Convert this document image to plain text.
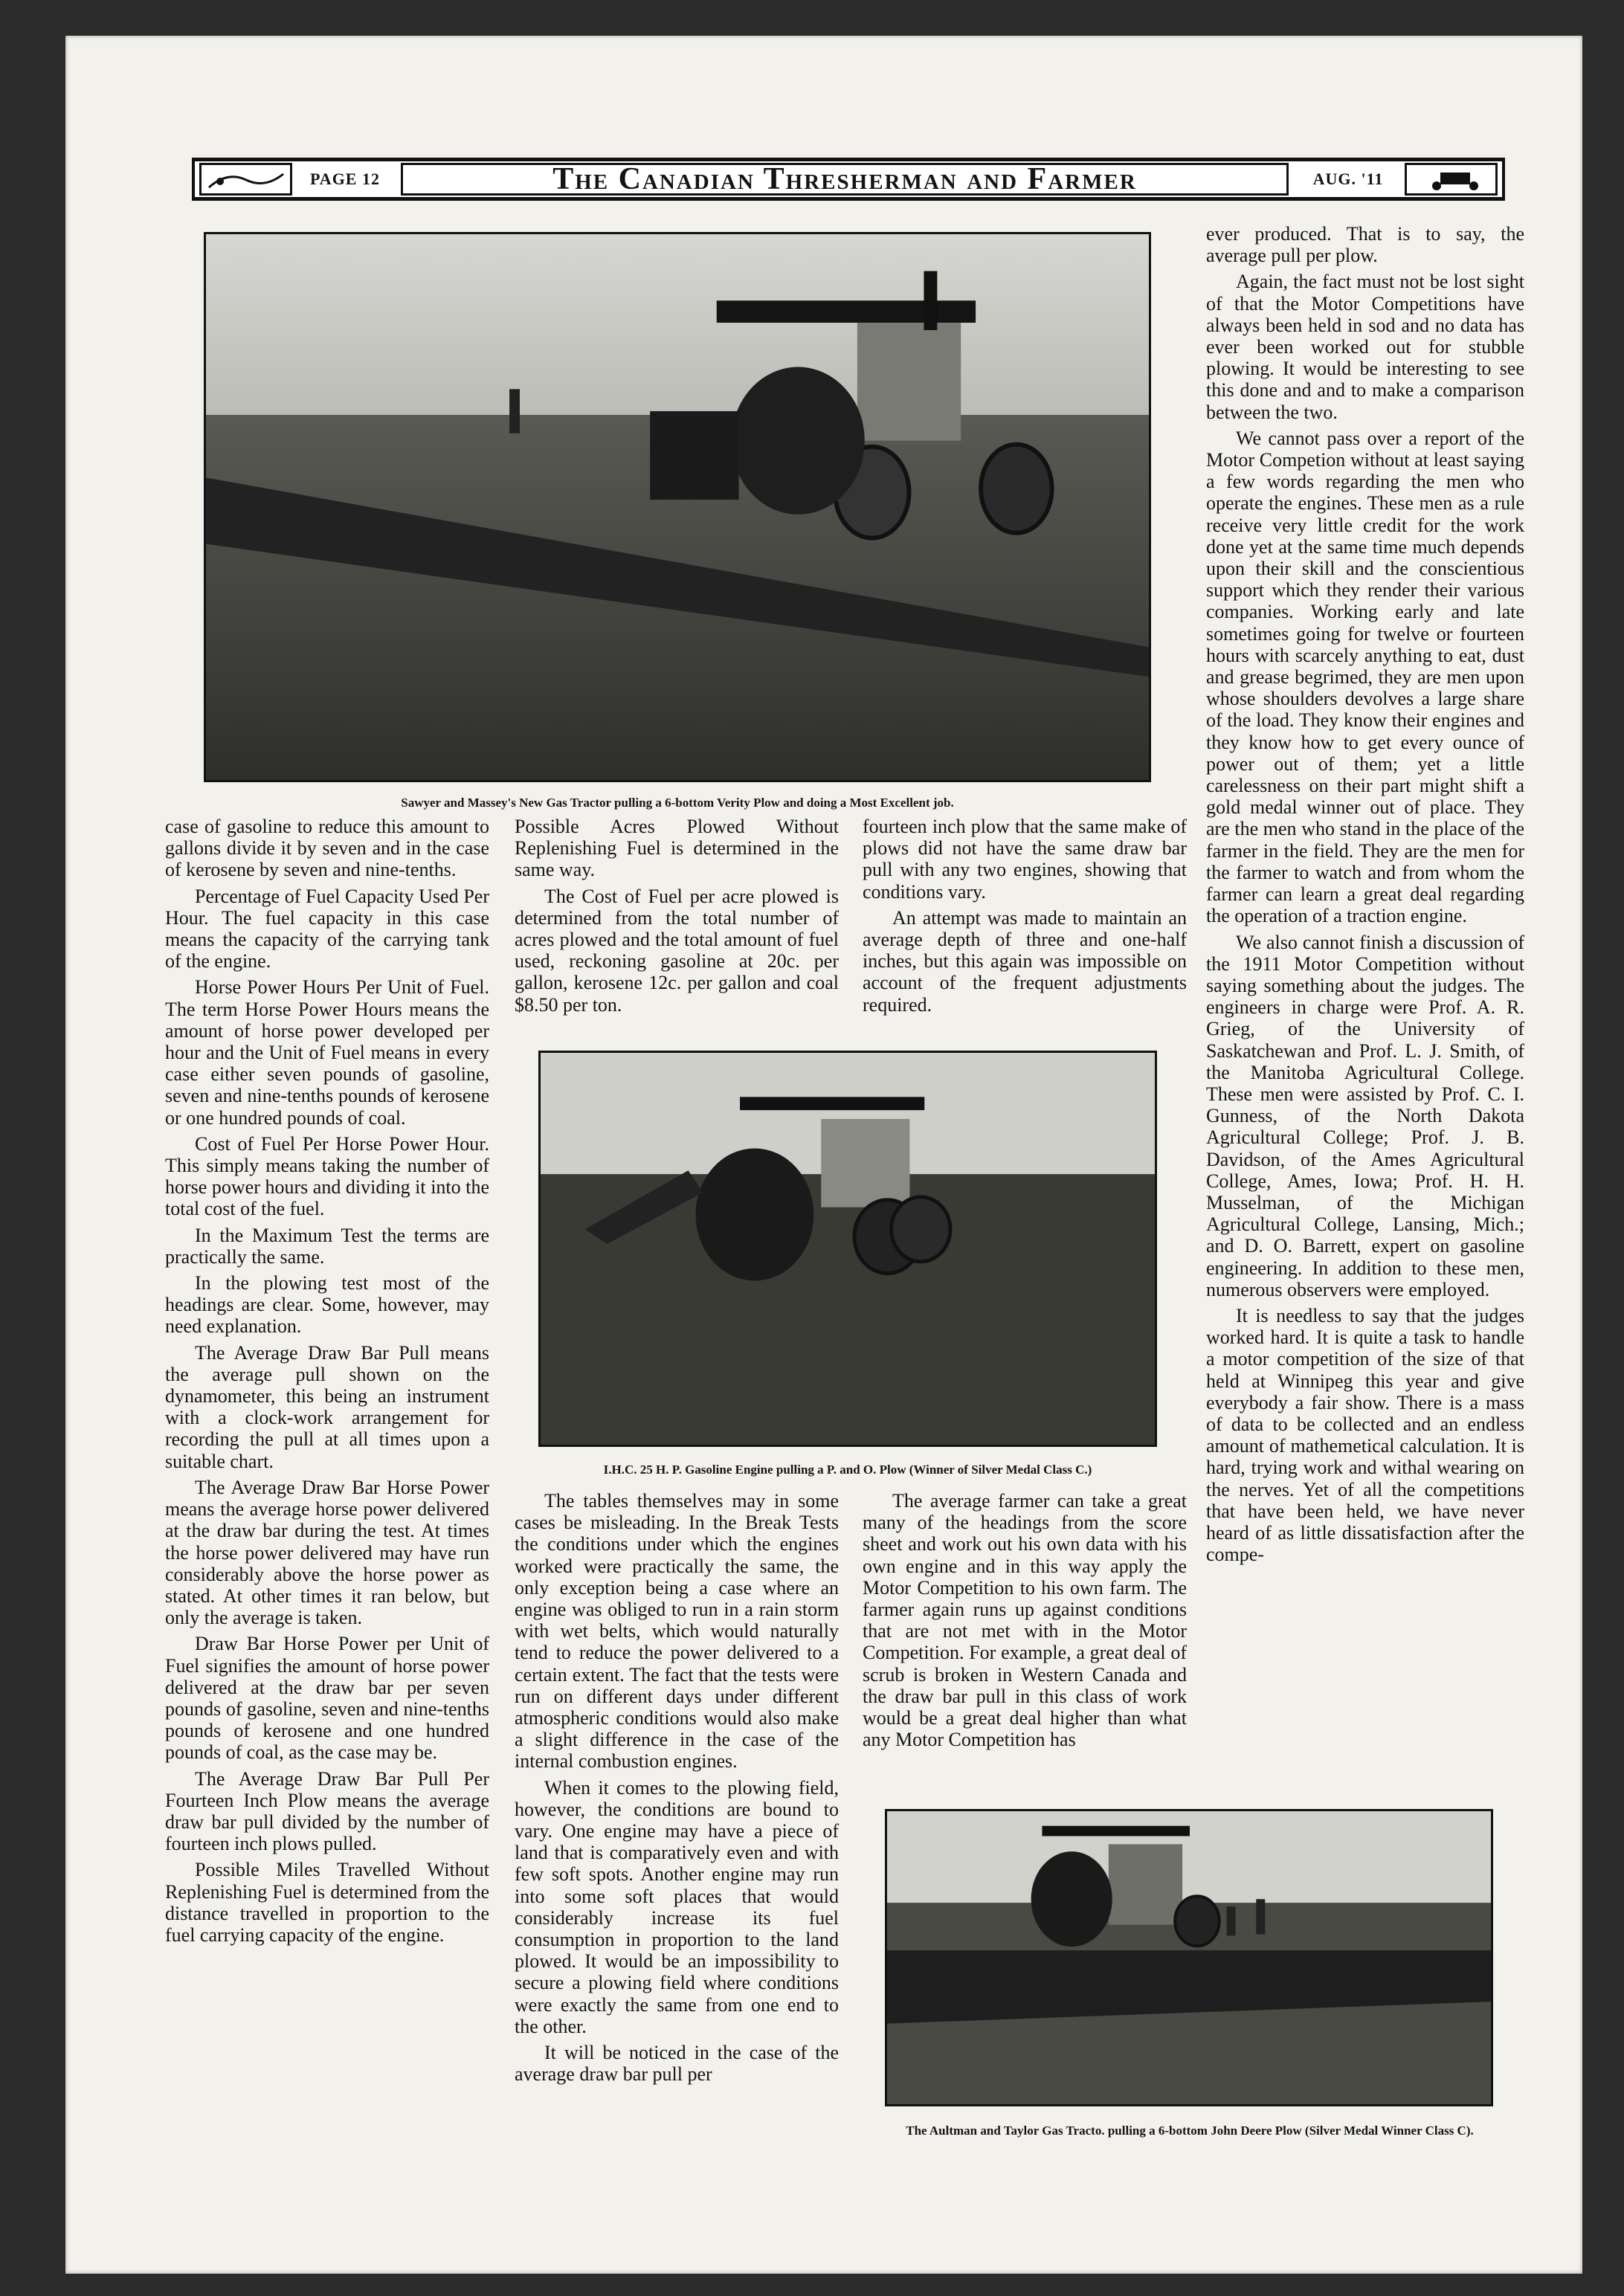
PAGE 12	The Canadian Thresherman and Farmer	AUG. '11
Sawyer and Massey's New Gas Tractor pulling a 6-bottom Verity Plow and doing a Most Excellent job.

case of gasoline to reduce this amount to gallons divide it by seven and in the case of kerosene by seven and nine-tenths.

Percentage of Fuel Capacity Used Per Hour. The fuel capacity in this case means the capacity of the carrying tank of the engine.

Horse Power Hours Per Unit of Fuel. The term Horse Power Hours means the amount of horse power developed per hour and the Unit of Fuel means in every case either seven pounds of gasoline, seven and nine-tenths pounds of kerosene or one hundred pounds of coal.

Cost of Fuel Per Horse Power Hour. This simply means taking the number of horse power hours and dividing it into the total cost of the fuel.

In the Maximum Test the terms are practically the same.

In the plowing test most of the headings are clear. Some, however, may need explanation.

The Average Draw Bar Pull means the average pull shown on the dynamometer, this being an instrument with a clock-work arrangement for recording the pull at all times upon a suitable chart.

The Average Draw Bar Horse Power means the average horse power delivered at the draw bar during the test. At times the horse power delivered may have run considerably above the horse power as stated. At other times it ran below, but only the average is taken.

Draw Bar Horse Power per Unit of Fuel signifies the amount of horse power delivered at the draw bar per seven pounds of gasoline, seven and nine-tenths pounds of kerosene and one hundred pounds of coal, as the case may be.

The Average Draw Bar Pull Per Fourteen Inch Plow means the average draw bar pull divided by the number of fourteen inch plows pulled.

Possible Miles Travelled Without Replenishing Fuel is determined from the distance travelled in proportion to the fuel carrying capacity of the engine.

Possible Acres Plowed Without Replenishing Fuel is determined in the same way.

The Cost of Fuel per acre plowed is determined from the total number of acres plowed and the total amount of fuel used, reckoning gasoline at 20c. per gallon, kerosene 12c. per gallon and coal $8.50 per ton.

fourteen inch plow that the same make of plows did not have the same draw bar pull with any two engines, showing that conditions vary.

An attempt was made to maintain an average depth of three and one-half inches, but this again was impossible on account of the frequent adjustments required.

I.H.C. 25 H. P. Gasoline Engine pulling a P. and O. Plow (Winner of Silver Medal Class C.)

The tables themselves may in some cases be misleading. In the Break Tests the conditions under which the engines worked were practically the same, the only exception being a case where an engine was obliged to run in a rain storm with wet belts, which would naturally tend to reduce the power delivered to a certain extent. The fact that the tests were run on different days under different atmospheric conditions would also make a slight difference in the case of the internal combustion engines.

When it comes to the plowing field, however, the conditions are bound to vary. One engine may have a piece of land that is comparatively even and with few soft spots. Another engine may run into some soft places that would considerably increase its fuel consumption in proportion to the land plowed. It would be an impossibility to secure a plowing field where conditions were exactly the same from one end to the other.

It will be noticed in the case of the average draw bar pull per

The average farmer can take a great many of the headings from the score sheet and work out his own data with his own engine and in this way apply the Motor Competition to his own farm. The farmer again runs up against conditions that are not met with in the Motor Competition. For example, a great deal of scrub is broken in Western Canada and the draw bar pull in this class of work would be a great deal higher than what any Motor Competition has

ever produced. That is to say, the average pull per plow.

Again, the fact must not be lost sight of that the Motor Competitions have always been held in sod and no data has ever been worked out for stubble plowing. It would be interesting to see this done and and to make a comparison between the two.

We cannot pass over a report of the Motor Competion without at least saying a few words regarding the men who operate the engines. These men as a rule receive very little credit for the work done yet at the same time much depends upon their skill and the conscientious support which they render their various companies. Working early and late sometimes going for twelve or fourteen hours with scarcely anything to eat, dust and grease begrimed, they are men upon whose shoulders devolves a large share of the load. They know their engines and they know how to get every ounce of power out of them; yet a little carelessness on their part might shift a gold medal winner out of place. They are the men who stand in the place of the farmer in the field. They are the men for the farmer to watch and from whom the farmer can learn a great deal regarding the operation of a traction engine.

We also cannot finish a discussion of the 1911 Motor Competition without saying something about the judges. The engineers in charge were Prof. A. R. Grieg, of the University of Saskatchewan and Prof. L. J. Smith, of the Manitoba Agricultural College. These men were assisted by Prof. C. I. Gunness, of the North Dakota Agricultural College; Prof. J. B. Davidson, of the Ames Agricultural College, Ames, Iowa; Prof. H. H. Musselman, of the Michigan Agricultural College, Lansing, Mich.; and D. O. Barrett, expert on gasoline engineering. In addition to these men, numerous observers were employed.

It is needless to say that the judges worked hard. It is quite a task to handle a motor competition of the size of that held at Winnipeg this year and give everybody a fair show. There is a mass of data to be collected and an endless amount of mathemetical calculation. It is hard, trying work and withal wearing on the nerves. Yet of all the competitions that have been held, we have never heard of as little dissatisfaction after the compe-

The Aultman and Taylor Gas Tracto. pulling a 6-bottom John Deere Plow (Silver Medal Winner Class C).
